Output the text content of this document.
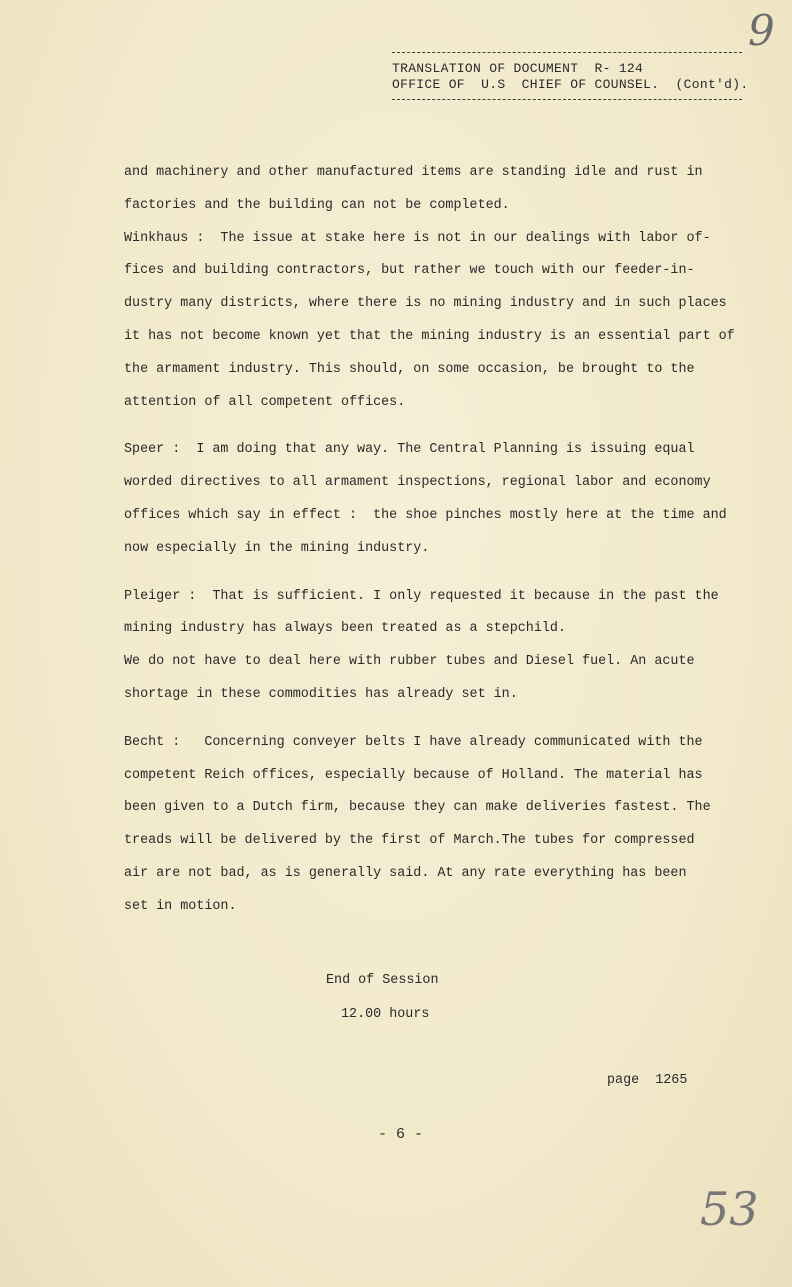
9
TRANSLATION OF DOCUMENT  R- 124
OFFICE OF  U.S  CHIEF OF COUNSEL.  (Cont'd).
and machinery and other manufactured items are standing idle and rust in
factories and the building can not be completed.
Winkhaus :  The issue at stake here is not in our dealings with labor of-
fices and building contractors, but rather we touch with our feeder-in-
dustry many districts, where there is no mining industry and in such places
it has not become known yet that the mining industry is an essential part of
the armament industry. This should, on some occasion, be brought to the
attention of all competent offices.
Speer :  I am doing that any way. The Central Planning is issuing equal
worded directives to all armament inspections, regional labor and economy
offices which say in effect :  the shoe pinches mostly here at the time and
now especially in the mining industry.
Pleiger :  That is sufficient. I only requested it because in the past the
mining industry has always been treated as a stepchild.
We do not have to deal here with rubber tubes and Diesel fuel. An acute
shortage in these commodities has already set in.
Becht :   Concerning conveyer belts I have already communicated with the
competent Reich offices, especially because of Holland. The material has
been given to a Dutch firm, because they can make deliveries fastest. The
treads will be delivered by the first of March.The tubes for compressed
air are not bad, as is generally said. At any rate everything has been
set in motion.
End of Session
12.00 hours
page  1265
- 6 -
53
